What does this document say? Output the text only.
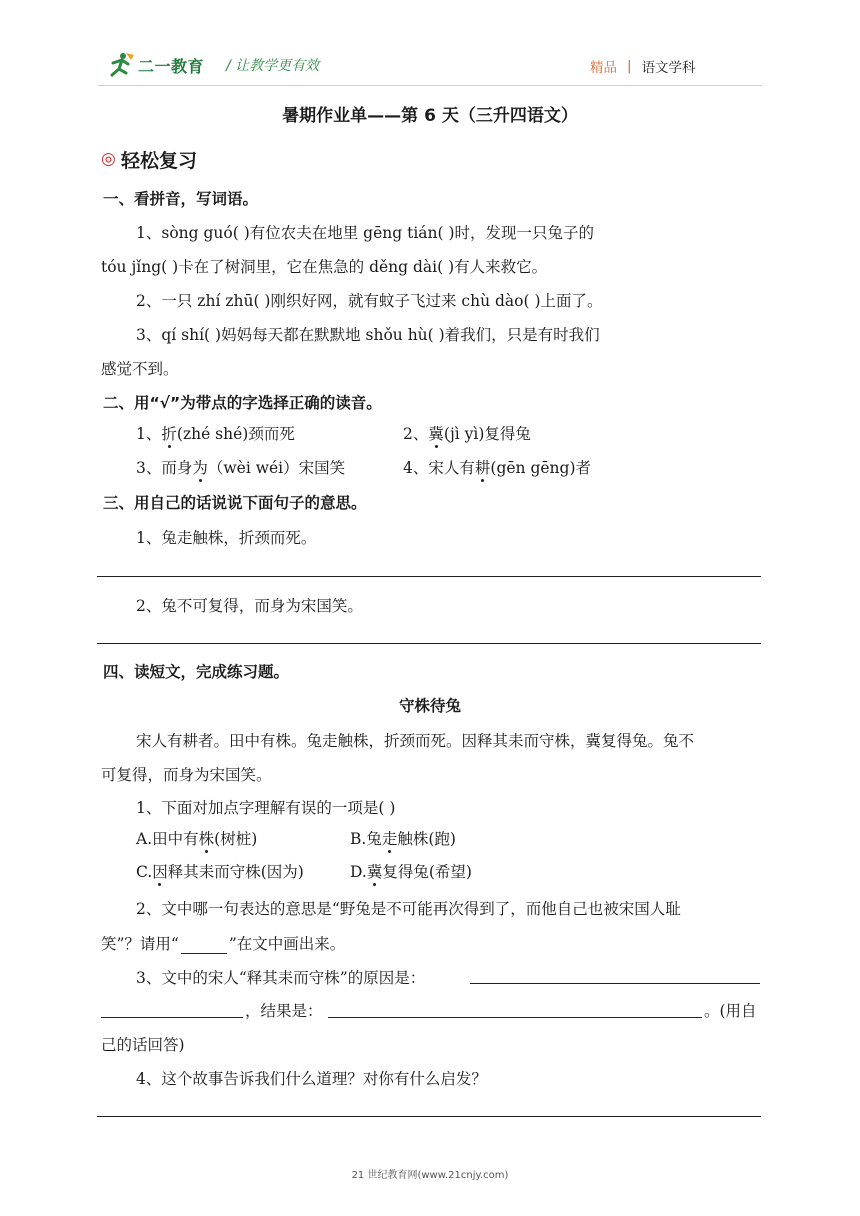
二一教育 / 让教学更有效	精品 | 语文学科
暑期作业单——第 6 天（三升四语文）
◎ 轻松复习
一、看拼音，写词语。
1、sòng guó( )有位农夫在地里 gēng tián( )时，发现一只兔子的
tóu jǐng( )卡在了树洞里，它在焦急的 děng dài( )有人来救它。
2、一只 zhí zhū( )刚织好网，就有蚊子飞过来 chù dào( )上面了。
3、qí shí( )妈妈每天都在默默地 shǒu hù( )着我们，只是有时我们
感觉不到。
二、用“√”为带点的字选择正确的读音。
1、折(zhé shé)颈而死	2、冀(jì yì)复得兔
3、而身为（wèi wéi）宋国笑	4、宋人有耕(gēn gēng)者
三、用自己的话说说下面句子的意思。
1、兔走触株，折颈而死。
2、兔不可复得，而身为宋国笑。
四、读短文，完成练习题。
守株待兔
宋人有耕者。田中有株。兔走触株，折颈而死。因释其耒而守株，冀复得兔。兔不
可复得，而身为宋国笑。
1、下面对加点字理解有误的一项是( )
A.田中有株(树桩)	B.兔走触株(跑)
C.因释其耒而守株(因为)	D.冀复得兔(希望)
2、文中哪一句表达的意思是“野兔是不可能再次得到了，而他自己也被宋国人耻
笑”？请用“	”在文中画出来。
3、文中的宋人“释其耒而守株”的原因是：
，结果是：	。(用自
己的话回答)
4、这个故事告诉我们什么道理？对你有什么启发？
21 世纪教育网(www.21cnjy.com)
